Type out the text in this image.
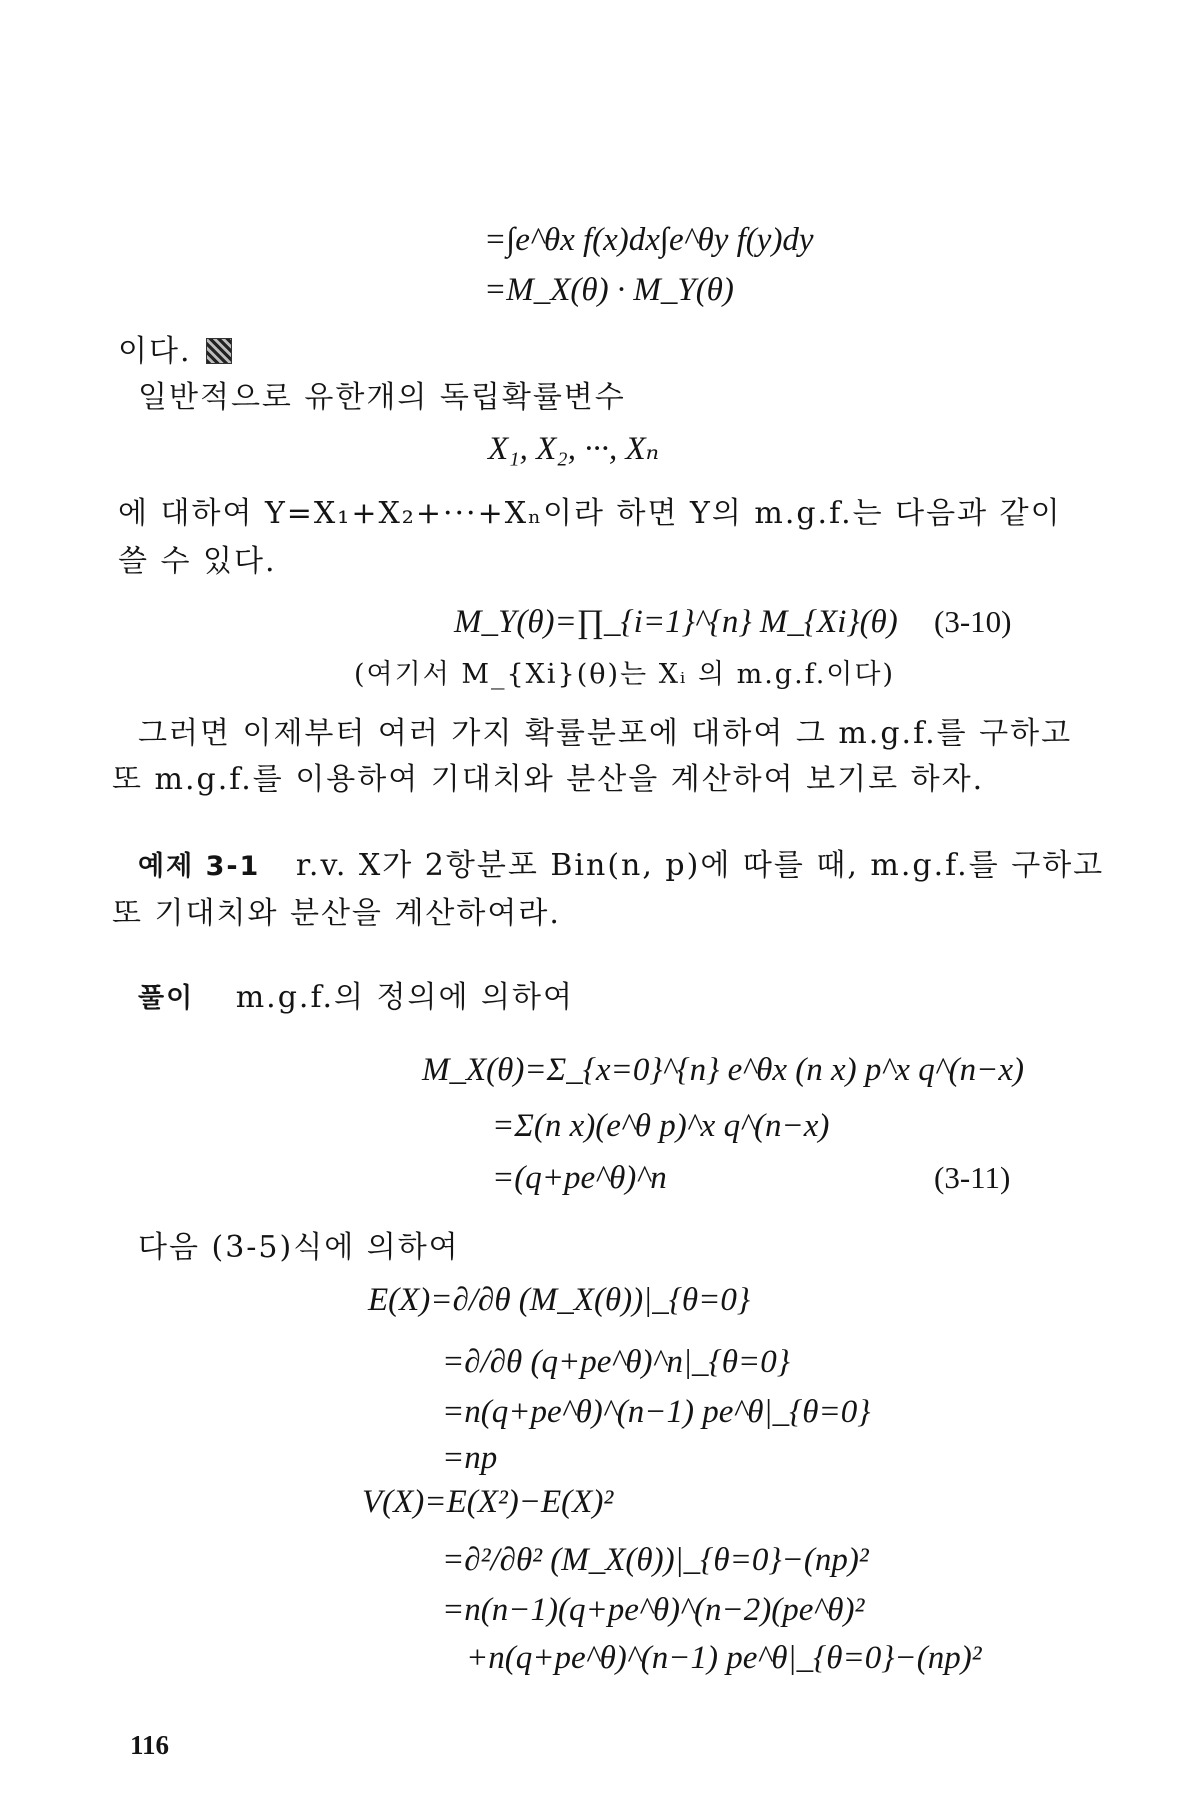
=∫e^θx f(x)dx∫e^θy f(y)dy
=M_X(θ) · M_Y(θ)
이다.
일반적으로 유한개의 독립확률변수
X₁, X₂, ···, Xₙ
에 대하여 Y=X₁+X₂+···+Xₙ이라 하면 Y의 m.g.f.는 다음과 같이
쓸 수 있다.
M_Y(θ)=∏_{i=1}^{n} M_{Xi}(θ) (3-10)
(여기서 M_{Xi}(θ)는 Xᵢ 의 m.g.f.이다)
그러면 이제부터 여러 가지 확률분포에 대하여 그 m.g.f.를 구하고
또 m.g.f.를 이용하여 기대치와 분산을 계산하여 보기로 하자.
예제 3-1 r.v. X가 2항분포 Bin(n, p)에 따를 때, m.g.f.를 구하고
또 기대치와 분산을 계산하여라.
풀이 m.g.f.의 정의에 의하여
M_X(θ)=Σ_{x=0}^{n} e^θx (n x) p^x q^(n−x)
=Σ(n x)(e^θ p)^x q^(n−x)
=(q+pe^θ)^n	(3-11)
다음 (3-5)식에 의하여
E(X)=∂/∂θ (M_X(θ))|_{θ=0}
=∂/∂θ (q+pe^θ)^n|_{θ=0}
=n(q+pe^θ)^(n−1) pe^θ|_{θ=0}
=np
V(X)=E(X²)−E(X)²
=∂²/∂θ² (M_X(θ))|_{θ=0}−(np)²
=n(n−1)(q+pe^θ)^(n−2)(pe^θ)²
+n(q+pe^θ)^(n−1) pe^θ|_{θ=0}−(np)²
116
